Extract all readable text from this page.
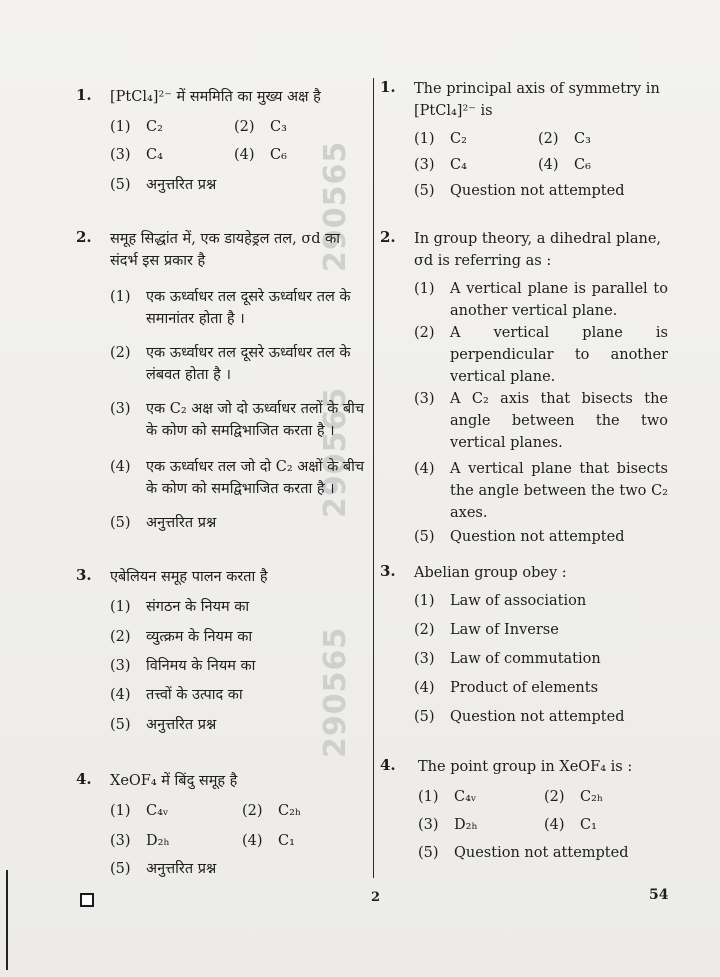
290565
290565
290565
1. [PtCl₄]²⁻ में सममिति का मुख्य अक्ष है
(1) C₂	(2) C₃
(3) C₄	(4) C₆
(5) अनुत्तरित प्रश्न
2. समूह सिद्धांत में, एक डायहेड्रल तल, σd का संदर्भ इस प्रकार है
(1) एक ऊर्ध्वाधर तल दूसरे ऊर्ध्वाधर तल के समानांतर होता है ।
(2) एक ऊर्ध्वाधर तल दूसरे ऊर्ध्वाधर तल के लंबवत होता है ।
(3) एक C₂ अक्ष जो दो ऊर्ध्वाधर तलों के बीच के कोण को समद्विभाजित करता है ।
(4) एक ऊर्ध्वाधर तल जो दो C₂ अक्षों के बीच के कोण को समद्विभाजित करता है ।
(5) अनुत्तरित प्रश्न
3. एबेलियन समूह पालन करता है
(1) संगठन के नियम का
(2) व्युत्क्रम के नियम का
(3) विनिमय के नियम का
(4) तत्त्वों के उत्पाद का
(5) अनुत्तरित प्रश्न
4. XeOF₄ में बिंदु समूह है
(1) C₄ᵥ	(2) C₂ₕ
(3) D₂ₕ	(4) C₁
(5) अनुत्तरित प्रश्न
1. The principal axis of symmetry in [PtCl₄]²⁻ is
(1) C₂	(2) C₃
(3) C₄	(4) C₆
(5) Question not attempted
2. In group theory, a dihedral plane, σd is referring as :
(1) A vertical plane is parallel to another vertical plane.
(2) A vertical plane is perpendicular to another vertical plane.
(3) A C₂ axis that bisects the angle between the two vertical planes.
(4) A vertical plane that bisects the angle between the two C₂ axes.
(5) Question not attempted
3. Abelian group obey :
(1) Law of association
(2) Law of Inverse
(3) Law of commutation
(4) Product of elements
(5) Question not attempted
4. The point group in XeOF₄ is :
(1) C₄ᵥ	(2) C₂ₕ
(3) D₂ₕ	(4) C₁
(5) Question not attempted
2	54
